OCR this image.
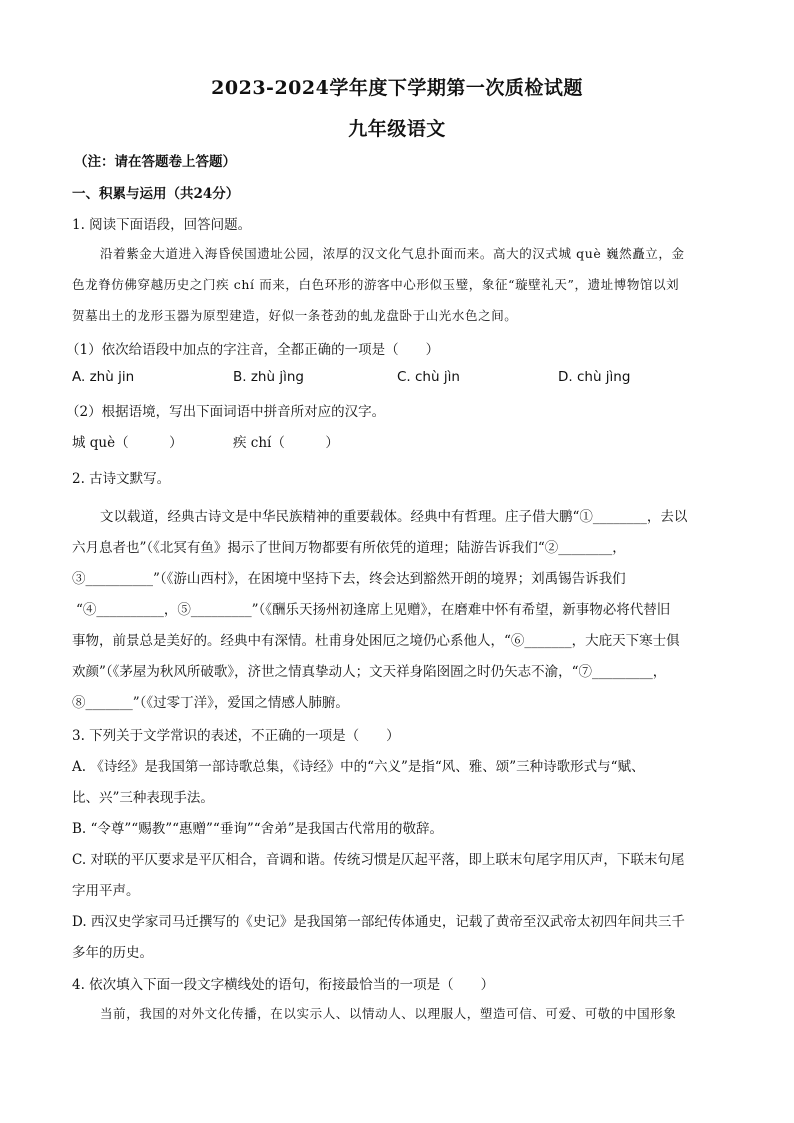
2023-2024学年度下学期第一次质检试题
九年级语文
（注：请在答题卷上答题）
一、积累与运用（共24分）
1. 阅读下面语段，回答问题。
沿着紫金大道进入海昏侯国遗址公园，浓厚的汉文化气息扑面而来。高大的汉式城 què 巍然矗立，金
色龙脊仿佛穿越历史之门疾 chí 而来，白色环形的游客中心形似玉璧，象征“璇壁礼天”，遗址博物馆以刘
贺墓出土的龙形玉器为原型建造，好似一条苍劲的虬龙盘卧于山光水色之间。
（1）依次给语段中加点的字注音，全都正确的一项是（　　）
A. zhù jin	B. zhù jìng	C. chù jìn	D. chù jìng
（2）根据语境，写出下面词语中拼音所对应的汉字。
城 què（　　　）	疾 chí（　　　）
2. 古诗文默写。
文以载道，经典古诗文是中华民族精神的重要载体。经典中有哲理。庄子借大鹏“①________，去以
六月息者也”（《北冥有鱼》揭示了世间万物都要有所依凭的道理；陆游告诉我们“②________，
③__________”（《游山西村》，在困境中坚持下去，终会达到豁然开朗的境界；刘禹锡告诉我们
“④__________，⑤_________”（《酬乐天扬州初逢席上见赠》，在磨难中怀有希望，新事物必将代替旧
事物，前景总是美好的。经典中有深情。杜甫身处困厄之境仍心系他人，“⑥_______，大庇天下寒士俱
欢颜”（《茅屋为秋风所破歌》，济世之情真挚动人；文天祥身陷囹圄之时仍矢志不渝，“⑦_________，
⑧_______”（《过零丁洋》，爱国之情感人肺腑。
3. 下列关于文学常识的表述，不正确的一项是（　　）
A. 《诗经》是我国第一部诗歌总集，《诗经》中的“六义”是指“风、雅、颂”三种诗歌形式与“赋、
比、兴”三种表现手法。
B. “令尊”“赐教”“惠赠”“垂询”“舍弟”是我国古代常用的敬辞。
C. 对联的平仄要求是平仄相合，音调和谐。传统习惯是仄起平落，即上联末句尾字用仄声，下联末句尾
字用平声。
D. 西汉史学家司马迁撰写的《史记》是我国第一部纪传体通史，记载了黄帝至汉武帝太初四年间共三千
多年的历史。
4. 依次填入下面一段文字横线处的语句，衔接最恰当的一项是（　　）
当前，我国的对外文化传播，在以实示人、以情动人、以理服人，塑造可信、可爱、可敬的中国形象
